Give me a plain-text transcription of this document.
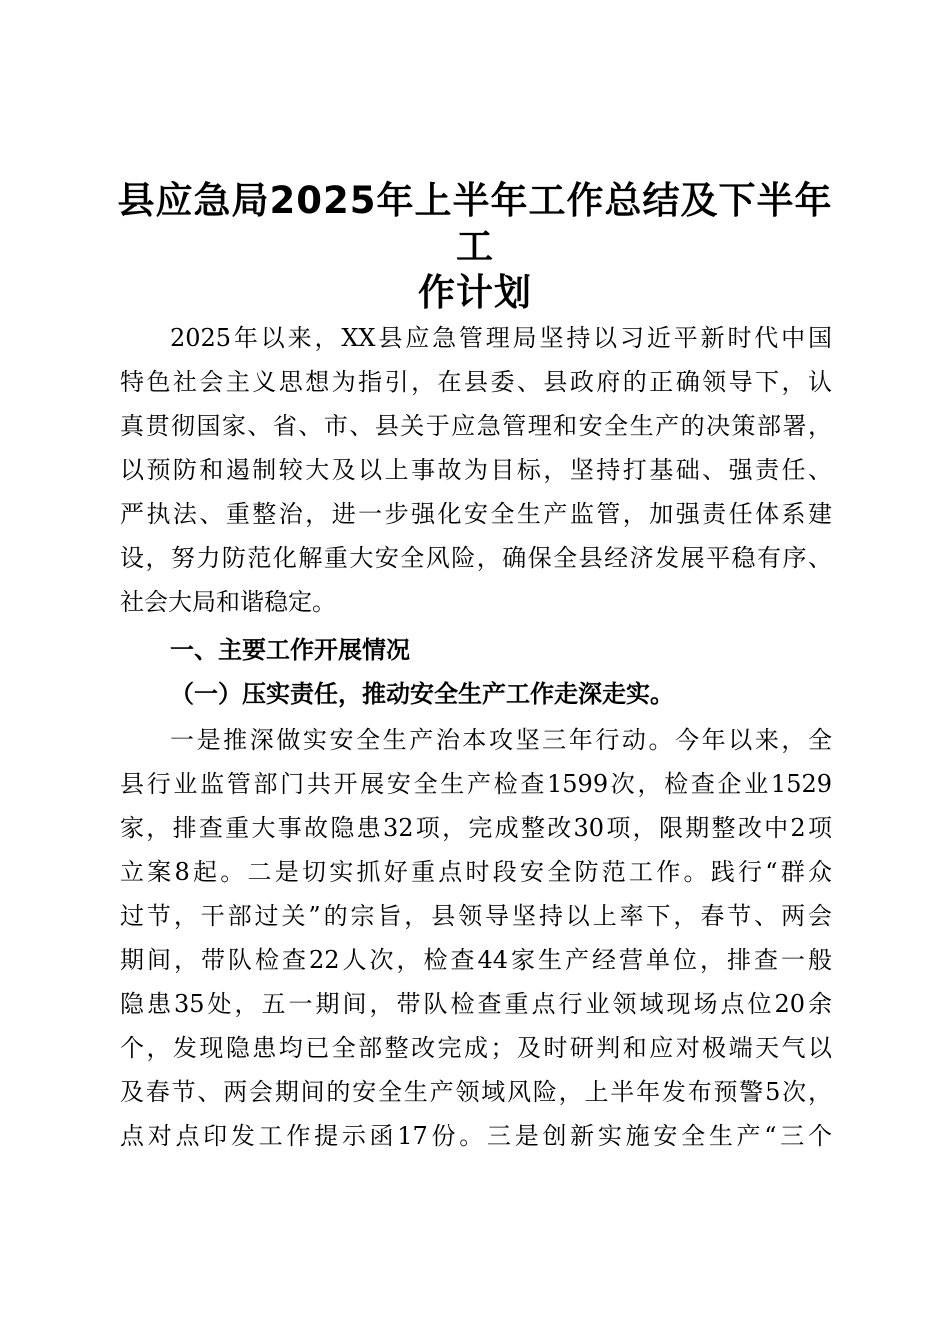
县应急局2025年上半年工作总结及下半年工
作计划

2025年以来，XX县应急管理局坚持以习近平新时代中国

特色社会主义思想为指引，在县委、县政府的正确领导下，认

真贯彻国家、省、市、县关于应急管理和安全生产的决策部署，

以预防和遏制较大及以上事故为目标，坚持打基础、强责任、

严执法、重整治，进一步强化安全生产监管，加强责任体系建

设，努力防范化解重大安全风险，确保全县经济发展平稳有序、

社会大局和谐稳定。

一、主要工作开展情况

（一）压实责任，推动安全生产工作走深走实。

一是推深做实安全生产治本攻坚三年行动。今年以来，全

县行业监管部门共开展安全生产检查1599次，检查企业1529

家，排查重大事故隐患32项，完成整改30项，限期整改中2项

立案8起。二是切实抓好重点时段安全防范工作。践行“群众

过节，干部过关”的宗旨，县领导坚持以上率下，春节、两会

期间，带队检查22人次，检查44家生产经营单位，排查一般

隐患35处，五一期间，带队检查重点行业领域现场点位20余

个，发现隐患均已全部整改完成；及时研判和应对极端天气以

及春节、两会期间的安全生产领域风险，上半年发布预警5次，

点对点印发工作提示函17份。三是创新实施安全生产“三个
